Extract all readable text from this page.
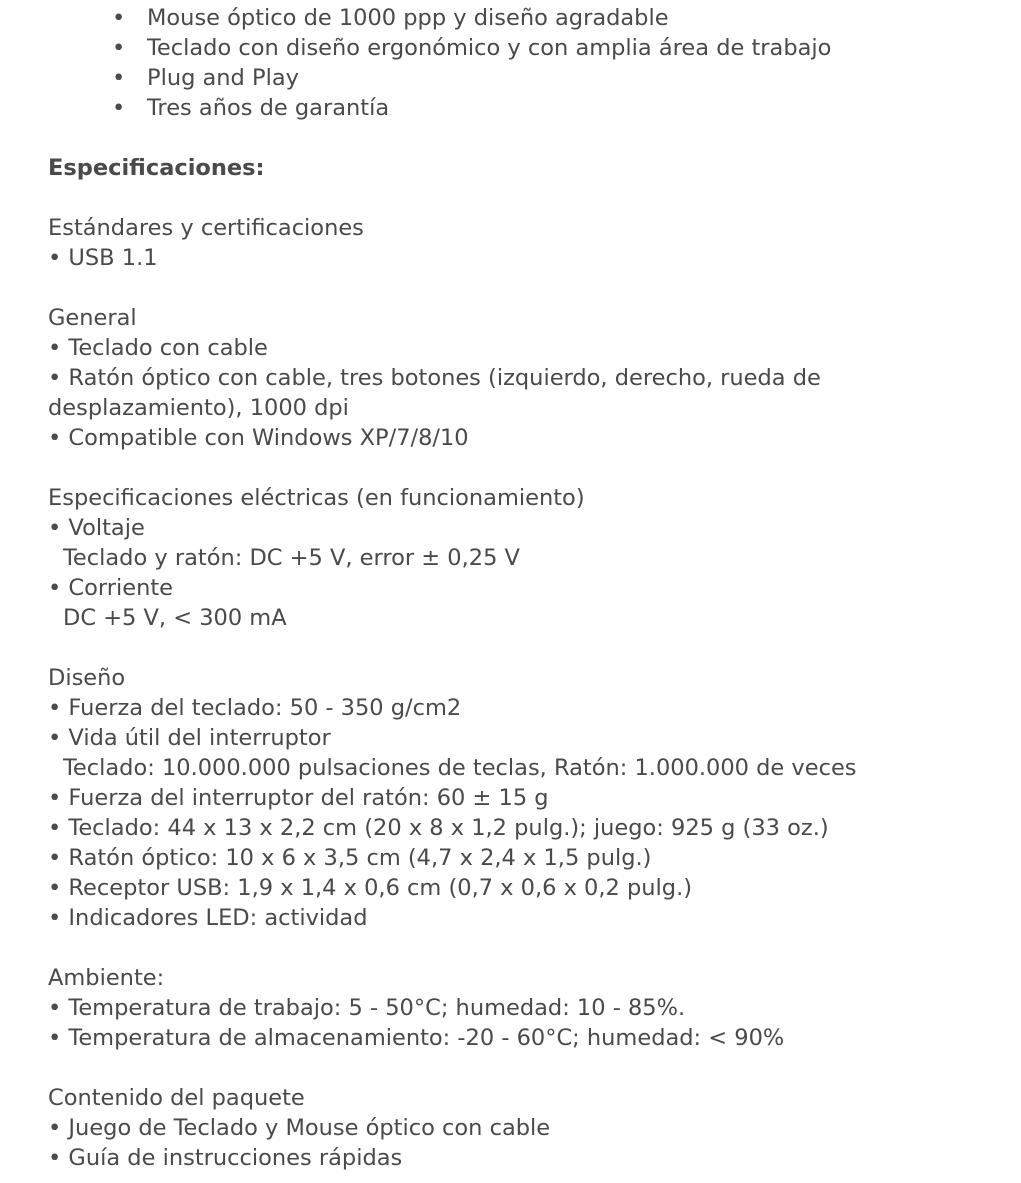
• Mouse óptico de 1000 ppp y diseño agradable
• Teclado con diseño ergonómico y con amplia área de trabajo
• Plug and Play
• Tres años de garantía
Especificaciones:
Estándares y certificaciones
• USB 1.1
General
• Teclado con cable
• Ratón óptico con cable, tres botones (izquierdo, derecho, rueda de
desplazamiento), 1000 dpi
• Compatible con Windows XP/7/8/10
Especificaciones eléctricas (en funcionamiento)
• Voltaje
Teclado y ratón: DC +5 V, error ± 0,25 V
• Corriente
DC +5 V, < 300 mA
Diseño
• Fuerza del teclado: 50 - 350 g/cm2
• Vida útil del interruptor
Teclado: 10.000.000 pulsaciones de teclas, Ratón: 1.000.000 de veces
• Fuerza del interruptor del ratón: 60 ± 15 g
• Teclado: 44 x 13 x 2,2 cm (20 x 8 x 1,2 pulg.); juego: 925 g (33 oz.)
• Ratón óptico: 10 x 6 x 3,5 cm (4,7 x 2,4 x 1,5 pulg.)
• Receptor USB: 1,9 x 1,4 x 0,6 cm (0,7 x 0,6 x 0,2 pulg.)
• Indicadores LED: actividad
Ambiente:
• Temperatura de trabajo: 5 - 50°C; humedad: 10 - 85%.
• Temperatura de almacenamiento: -20 - 60°C; humedad: < 90%
Contenido del paquete
• Juego de Teclado y Mouse óptico con cable
• Guía de instrucciones rápidas
